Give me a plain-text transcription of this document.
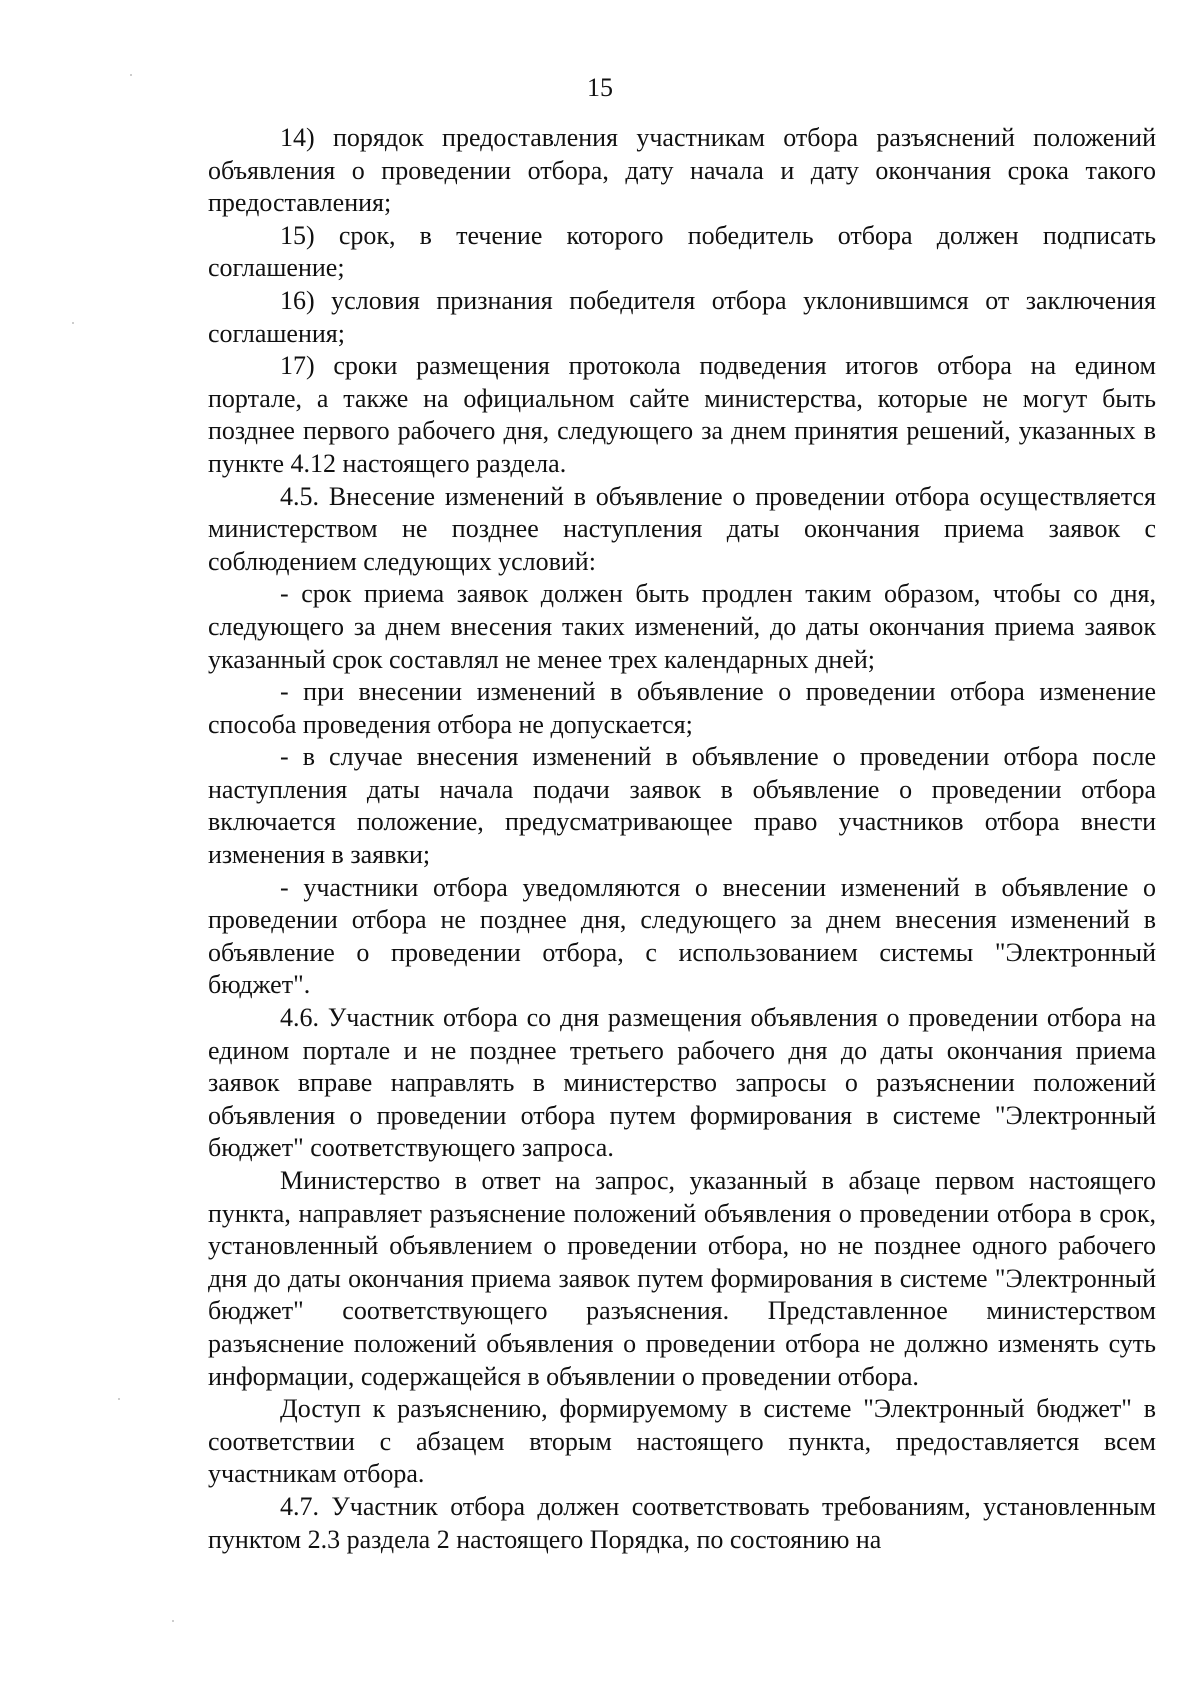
15

14) порядок предоставления участникам отбора разъяснений положений объявления о проведении отбора, дату начала и дату окончания срока такого предоставления;

15) срок, в течение которого победитель отбора должен подписать соглашение;

16) условия признания победителя отбора уклонившимся от заключения соглашения;

17) сроки размещения протокола подведения итогов отбора на едином портале, а также на официальном сайте министерства, которые не могут быть позднее первого рабочего дня, следующего за днем принятия решений, указанных в пункте 4.12 настоящего раздела.

4.5. Внесение изменений в объявление о проведении отбора осуществляется министерством не позднее наступления даты окончания приема заявок с соблюдением следующих условий:

- срок приема заявок должен быть продлен таким образом, чтобы со дня, следующего за днем внесения таких изменений, до даты окончания приема заявок указанный срок составлял не менее трех календарных дней;

- при внесении изменений в объявление о проведении отбора изменение способа проведения отбора не допускается;

- в случае внесения изменений в объявление о проведении отбора после наступления даты начала подачи заявок в объявление о проведении отбора включается положение, предусматривающее право участников отбора внести изменения в заявки;

- участники отбора уведомляются о внесении изменений в объявление о проведении отбора не позднее дня, следующего за днем внесения изменений в объявление о проведении отбора, с использованием системы "Электронный бюджет".

4.6. Участник отбора со дня размещения объявления о проведении отбора на едином портале и не позднее третьего рабочего дня до даты окончания приема заявок вправе направлять в министерство запросы о разъяснении положений объявления о проведении отбора путем формирования в системе "Электронный бюджет" соответствующего запроса.

Министерство в ответ на запрос, указанный в абзаце первом настоящего пункта, направляет разъяснение положений объявления о проведении отбора в срок, установленный объявлением о проведении отбора, но не позднее одного рабочего дня до даты окончания приема заявок путем формирования в системе "Электронный бюджет" соответствующего разъяснения. Представленное министерством разъяснение положений объявления о проведении отбора не должно изменять суть информации, содержащейся в объявлении о проведении отбора.

Доступ к разъяснению, формируемому в системе "Электронный бюджет" в соответствии с абзацем вторым настоящего пункта, предоставляется всем участникам отбора.

4.7. Участник отбора должен соответствовать требованиям, установленным пунктом 2.3 раздела 2 настоящего Порядка, по состоянию на
